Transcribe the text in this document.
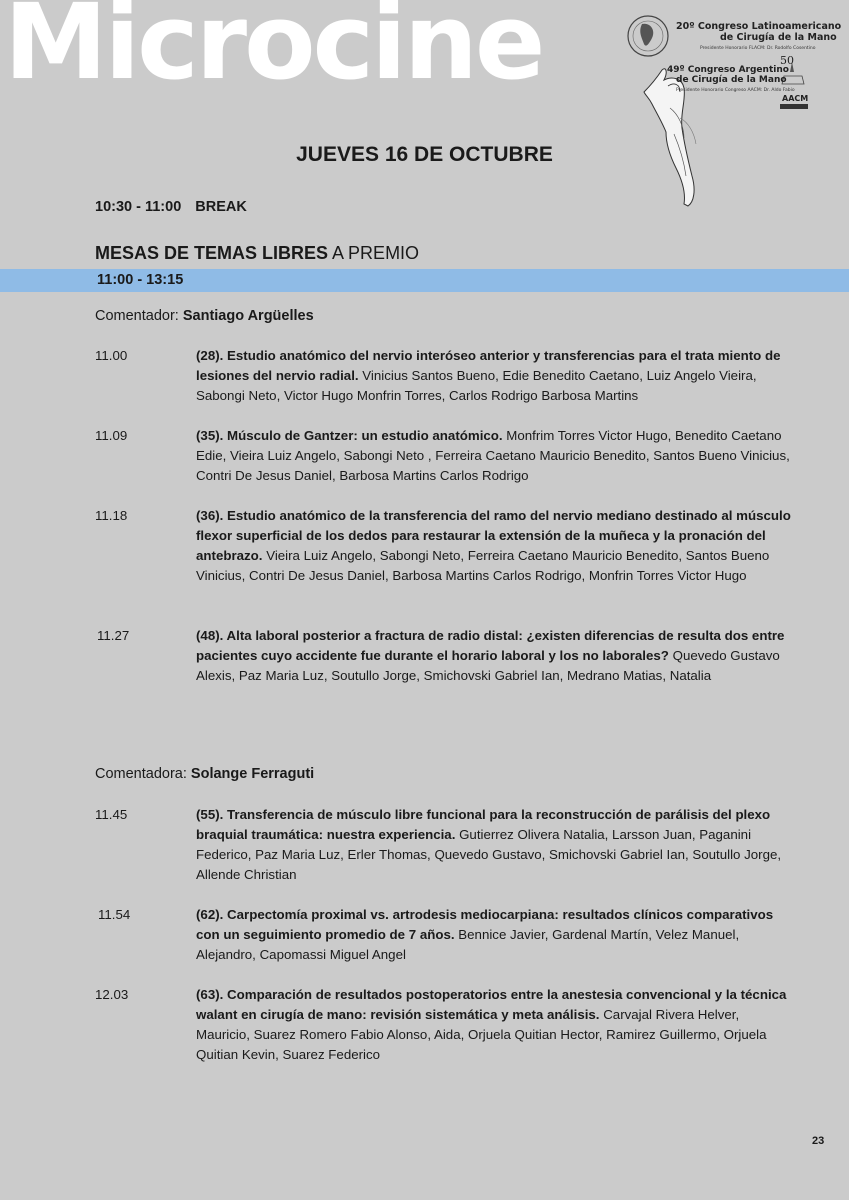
Microcine	20º Congreso Latinoamericano
de Cirugía de la Mano
Presidente Honorario FLACM: Dr. Rodolfo Cosentino
49º Congreso Argentino
de Cirugía de la Mano
Presidente Honorario Congreso AACM: Dr. Aldo Fabio
50
AACM
JUEVES 16 DE OCTUBRE
10:30 - 11:00 BREAK
MESAS DE TEMAS LIBRES A PREMIO
11:00 - 13:15
Comentador: Santiago Argüelles
11.00	(28). Estudio anatómico del nervio interóseo anterior y transferencias para el trata miento de lesiones del nervio radial. Vinicius Santos Bueno, Edie Benedito Caetano, Luiz Angelo Vieira, Sabongi Neto, Victor Hugo Monfrin Torres, Carlos Rodrigo Barbosa Martins
11.09	(35). Músculo de Gantzer: un estudio anatómico. Monfrim Torres Victor Hugo, Benedito Caetano Edie, Vieira Luiz Angelo, Sabongi Neto , Ferreira Caetano Mauricio Benedito, Santos Bueno Vinicius, Contri De Jesus Daniel, Barbosa Martins Carlos Rodrigo
11.18	(36). Estudio anatómico de la transferencia del ramo del nervio mediano destinado al músculo flexor superficial de los dedos para restaurar la extensión de la muñeca y la pronación del antebrazo. Vieira Luiz Angelo, Sabongi Neto, Ferreira Caetano Mauricio Benedito, Santos Bueno Vinicius, Contri De Jesus Daniel, Barbosa Martins Carlos Rodrigo, Monfrin Torres Victor Hugo
11.27	(48). Alta laboral posterior a fractura de radio distal: ¿existen diferencias de resulta dos entre pacientes cuyo accidente fue durante el horario laboral y los no laborales? Quevedo Gustavo Alexis, Paz Maria Luz, Soutullo Jorge, Smichovski Gabriel Ian, Medrano Matias, Natalia
Comentadora: Solange Ferraguti
11.45	(55). Transferencia de músculo libre funcional para la reconstrucción de parálisis del plexo braquial traumática: nuestra experiencia. Gutierrez Olivera Natalia, Larsson Juan, Paganini Federico, Paz Maria Luz, Erler Thomas, Quevedo Gustavo, Smichovski Gabriel Ian, Soutullo Jorge, Allende Christian
11.54	(62). Carpectomía proximal vs. artrodesis mediocarpiana: resultados clínicos comparativos con un seguimiento promedio de 7 años. Bennice Javier, Gardenal Martín, Velez Manuel, Alejandro, Capomassi Miguel Angel
12.03	(63). Comparación de resultados postoperatorios entre la anestesia convencional y la técnica walant en cirugía de mano: revisión sistemática y meta análisis. Carvajal Rivera Helver, Mauricio, Suarez Romero Fabio Alonso, Aida, Orjuela Quitian Hector, Ramirez Guillermo, Orjuela Quitian Kevin, Suarez Federico
23
